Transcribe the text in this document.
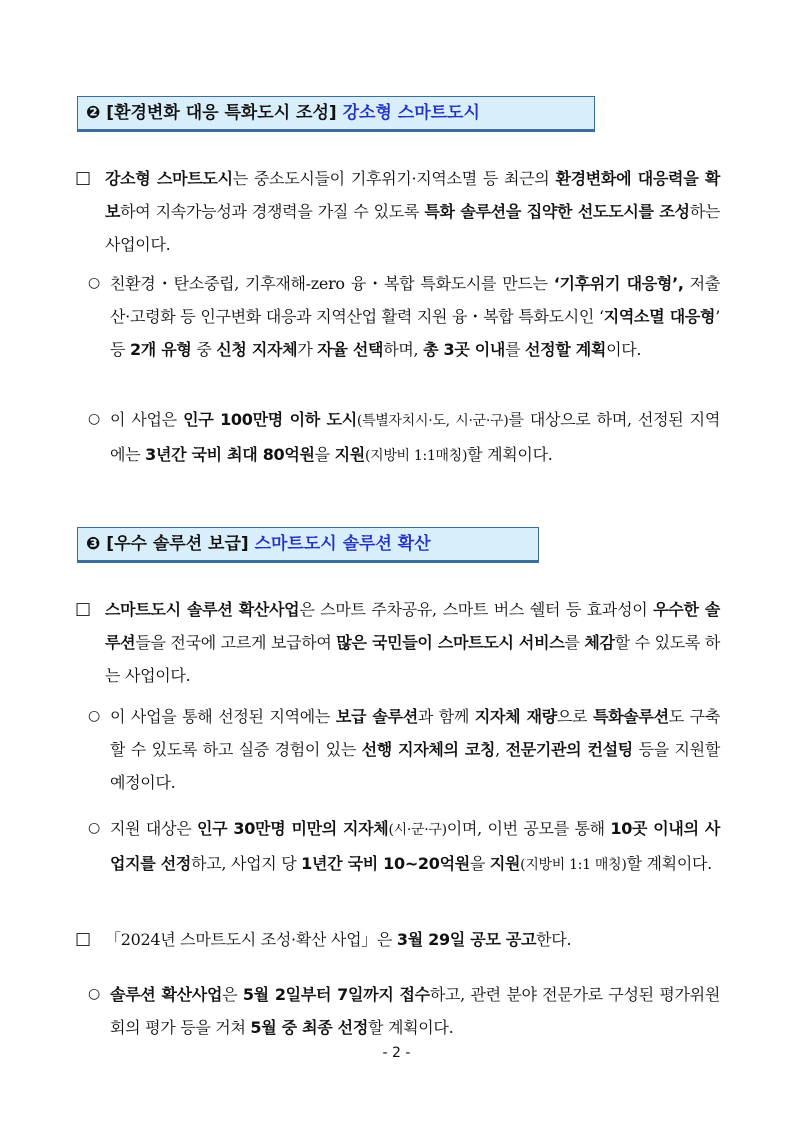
❷ [환경변화 대응 특화도시 조성] 강소형 스마트도시
□ 강소형 스마트도시는 중소도시들이 기후위기·지역소멸 등 최근의 환경변화에 대응력을 확보하여 지속가능성과 경쟁력을 가질 수 있도록 특화 솔루션을 집약한 선도도시를 조성하는 사업이다.
○ 친환경・탄소중립, 기후재해-zero 융・복합 특화도시를 만드는 ‘기후위기 대응형’, 저출산·고령화 등 인구변화 대응과 지역산업 활력 지원 융・복합 특화도시인 ‘지역소멸 대응형’ 등 2개 유형 중 신청 지자체가 자율 선택하며, 총 3곳 이내를 선정할 계획이다.
○ 이 사업은 인구 100만명 이하 도시(특별자치시·도, 시·군·구)를 대상으로 하며, 선정된 지역에는 3년간 국비 최대 80억원을 지원(지방비 1:1매칭)할 계획이다.
❸ [우수 솔루션 보급] 스마트도시 솔루션 확산
□ 스마트도시 솔루션 확산사업은 스마트 주차공유, 스마트 버스 쉘터 등 효과성이 우수한 솔루션들을 전국에 고르게 보급하여 많은 국민들이 스마트도시 서비스를 체감할 수 있도록 하는 사업이다.
○ 이 사업을 통해 선정된 지역에는 보급 솔루션과 함께 지자체 재량으로 특화솔루션도 구축할 수 있도록 하고 실증 경험이 있는 선행 지자체의 코칭, 전문기관의 컨설팅 등을 지원할 예정이다.
○ 지원 대상은 인구 30만명 미만의 지자체(시·군·구)이며, 이번 공모를 통해 10곳 이내의 사업지를 선정하고, 사업지 당 1년간 국비 10~20억원을 지원(지방비 1:1 매칭)할 계획이다.
□ 「2024년 스마트도시 조성·확산 사업」은 3월 29일 공모 공고한다.
○ 솔루션 확산사업은 5월 2일부터 7일까지 접수하고, 관련 분야 전문가로 구성된 평가위원회의 평가 등을 거쳐 5월 중 최종 선정할 계획이다.
- 2 -
